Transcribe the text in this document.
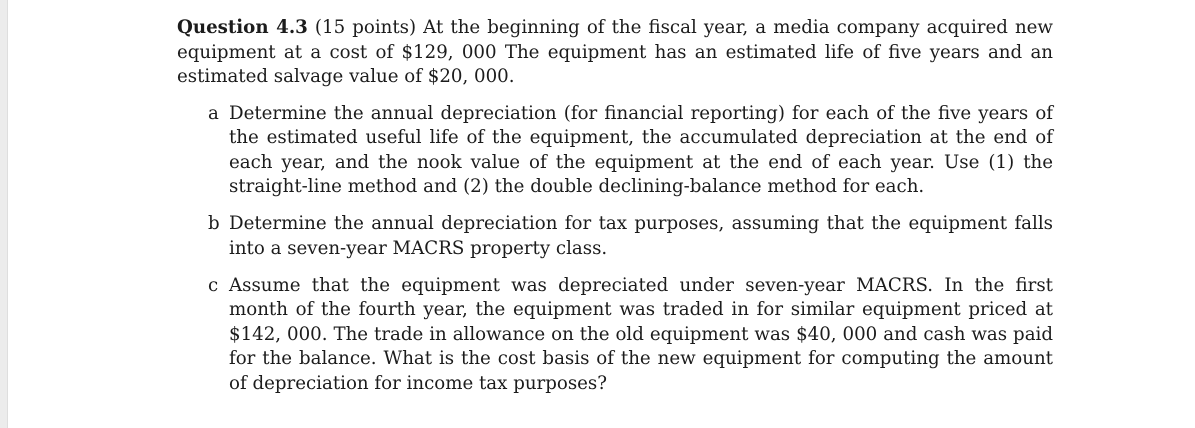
Question 4.3 (15 points) At the beginning of the fiscal year, a media company acquired new equipment at a cost of $129, 000 The equipment has an estimated life of five years and an estimated salvage value of $20, 000.

a Determine the annual depreciation (for financial reporting) for each of the five years of the estimated useful life of the equipment, the accumulated depreciation at the end of each year, and the nook value of the equipment at the end of each year. Use (1) the straight-line method and (2) the double declining-balance method for each.
b Determine the annual depreciation for tax purposes, assuming that the equipment falls into a seven-year MACRS property class.
c Assume that the equipment was depreciated under seven-year MACRS. In the first month of the fourth year, the equipment was traded in for similar equipment priced at $142, 000. The trade in allowance on the old equipment was $40, 000 and cash was paid for the balance. What is the cost basis of the new equipment for computing the amount of depreciation for income tax purposes?
